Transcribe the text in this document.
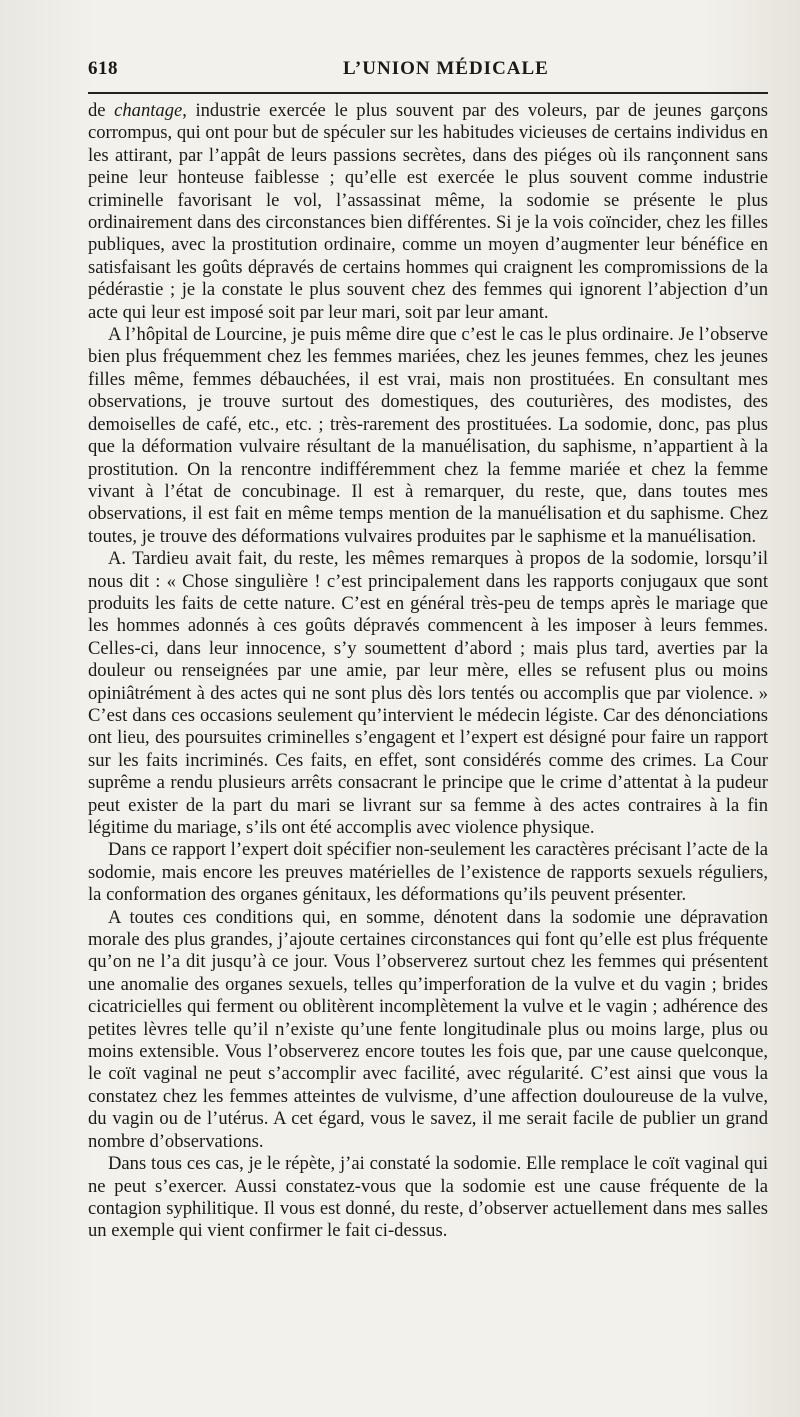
618	L’UNION MÉDICALE

de chantage, industrie exercée le plus souvent par des voleurs, par de jeunes garçons corrompus, qui ont pour but de spéculer sur les habitudes vicieuses de certains individus en les attirant, par l’appât de leurs passions secrètes, dans des piéges où ils rançonnent sans peine leur honteuse faiblesse ; qu’elle est exercée le plus souvent comme industrie criminelle favorisant le vol, l’assassinat même, la sodomie se présente le plus ordinairement dans des circonstances bien différentes. Si je la vois coïncider, chez les filles publiques, avec la prostitution ordinaire, comme un moyen d’augmenter leur bénéfice en satisfaisant les goûts dépravés de certains hommes qui craignent les compromissions de la pédérastie ; je la constate le plus souvent chez des femmes qui ignorent l’abjection d’un acte qui leur est imposé soit par leur mari, soit par leur amant.

A l’hôpital de Lourcine, je puis même dire que c’est le cas le plus ordinaire. Je l’observe bien plus fréquemment chez les femmes mariées, chez les jeunes femmes, chez les jeunes filles même, femmes débauchées, il est vrai, mais non prostituées. En consultant mes observations, je trouve surtout des domestiques, des couturières, des modistes, des demoiselles de café, etc., etc. ; très-rarement des prostituées. La sodomie, donc, pas plus que la déformation vulvaire résultant de la manuélisation, du saphisme, n’appartient à la prostitution. On la rencontre indifféremment chez la femme mariée et chez la femme vivant à l’état de concubinage. Il est à remarquer, du reste, que, dans toutes mes observations, il est fait en même temps mention de la manuélisation et du saphisme. Chez toutes, je trouve des déformations vulvaires produites par le saphisme et la manuélisation.

A. Tardieu avait fait, du reste, les mêmes remarques à propos de la sodomie, lorsqu’il nous dit : « Chose singulière ! c’est principalement dans les rapports conjugaux que sont produits les faits de cette nature. C’est en général très-peu de temps après le mariage que les hommes adonnés à ces goûts dépravés commencent à les imposer à leurs femmes. Celles-ci, dans leur innocence, s’y soumettent d’abord ; mais plus tard, averties par la douleur ou renseignées par une amie, par leur mère, elles se refusent plus ou moins opiniâtrément à des actes qui ne sont plus dès lors tentés ou accomplis que par violence. » C’est dans ces occasions seulement qu’intervient le médecin légiste. Car des dénonciations ont lieu, des poursuites criminelles s’engagent et l’expert est désigné pour faire un rapport sur les faits incriminés. Ces faits, en effet, sont considérés comme des crimes. La Cour suprême a rendu plusieurs arrêts consacrant le principe que le crime d’attentat à la pudeur peut exister de la part du mari se livrant sur sa femme à des actes contraires à la fin légitime du mariage, s’ils ont été accomplis avec violence physique.

Dans ce rapport l’expert doit spécifier non-seulement les caractères précisant l’acte de la sodomie, mais encore les preuves matérielles de l’existence de rapports sexuels réguliers, la conformation des organes génitaux, les déformations qu’ils peuvent présenter.

A toutes ces conditions qui, en somme, dénotent dans la sodomie une dépravation morale des plus grandes, j’ajoute certaines circonstances qui font qu’elle est plus fréquente qu’on ne l’a dit jusqu’à ce jour. Vous l’observerez surtout chez les femmes qui présentent une anomalie des organes sexuels, telles qu’imperforation de la vulve et du vagin ; brides cicatricielles qui ferment ou oblitèrent incomplètement la vulve et le vagin ; adhérence des petites lèvres telle qu’il n’existe qu’une fente longitudinale plus ou moins large, plus ou moins extensible. Vous l’observerez encore toutes les fois que, par une cause quelconque, le coït vaginal ne peut s’accomplir avec facilité, avec régularité. C’est ainsi que vous la constatez chez les femmes atteintes de vulvisme, d’une affection douloureuse de la vulve, du vagin ou de l’utérus. A cet égard, vous le savez, il me serait facile de publier un grand nombre d’observations.

Dans tous ces cas, je le répète, j’ai constaté la sodomie. Elle remplace le coït vaginal qui ne peut s’exercer. Aussi constatez-vous que la sodomie est une cause fréquente de la contagion syphilitique. Il vous est donné, du reste, d’observer actuellement dans mes salles un exemple qui vient confirmer le fait ci-dessus.
